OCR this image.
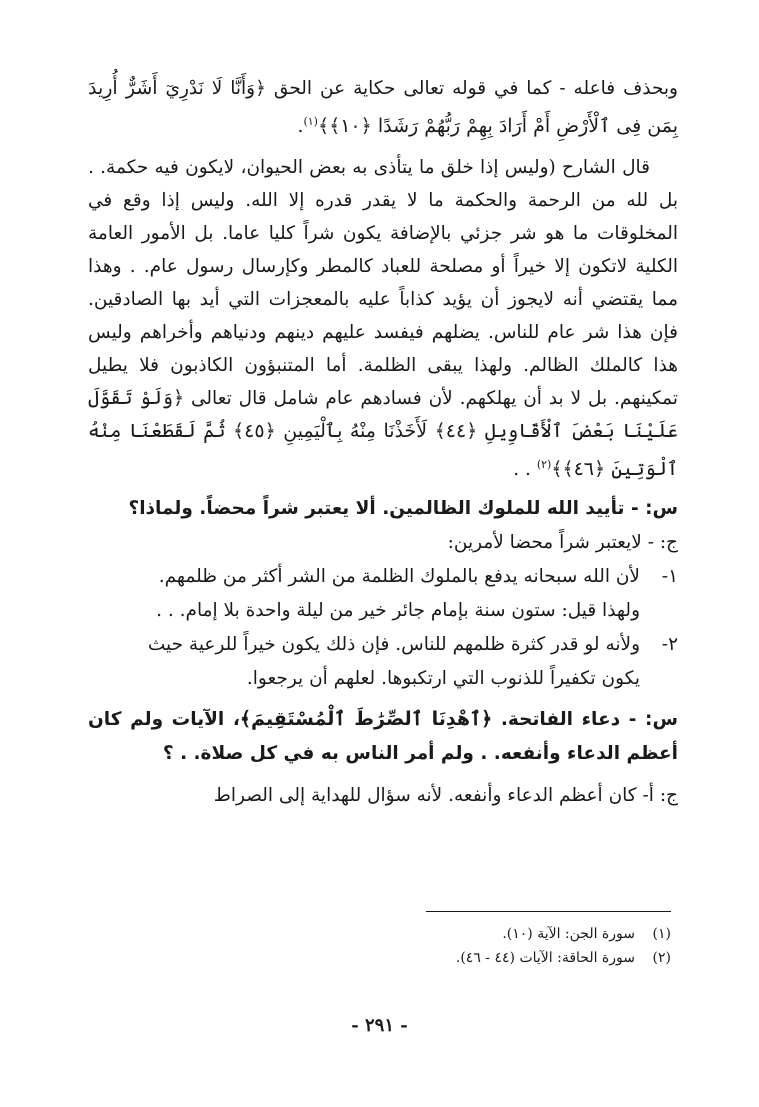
وبحذف فاعله - كما في قوله تعالى حكاية عن الحق ﴿وَأَنَّا لَا نَدْرِيٓ أَشَرٌّ أُرِيدَ بِمَن فِى ٱلْأَرْضِ أَمْ أَرَادَ بِهِمْ رَبُّهُمْ رَشَدًا ﴿١٠﴾﴾$^{(١)}$.

قال الشارح (وليس إذا خلق ما يتأذى به بعض الحيوان، لايكون فيه حكمة. . بل لله من الرحمة والحكمة ما لا يقدر قدره إلا الله. وليس إذا وقع في المخلوقات ما هو شر جزئي بالإضافة يكون شراً كليا عاما. بل الأمور العامة الكلية لاتكون إلا خيراً أو مصلحة للعباد كالمطر وكإرسال رسول عام. . وهذا مما يقتضي أنه لايجوز أن يؤيد كذاباً عليه بالمعجزات التي أيد بها الصادقين. فإن هذا شر عام للناس. يضلهم فيفسد عليهم دينهم ودنياهم وأخراهم وليس هذا كالملك الظالم. ولهذا يبقى الظلمة. أما المتنبؤون الكاذبون فلا يطيل تمكينهم. بل لا بد أن يهلكهم. لأن فسادهم عام شامل قال تعالى ﴿وَلَوْ تَقَوَّلَ عَلَيْنَا بَعْضَ ٱلْأَقَاوِيلِ ﴿٤٤﴾ لَأَخَذْنَا مِنْهُ بِٱلْيَمِينِ ﴿٤٥﴾ ثُمَّ لَقَطَعْنَا مِنْهُ ٱلْوَتِينَ ﴿٤٦﴾﴾$^{(٢)}$ . .

س: - تأييد الله للملوك الظالمين. ألا يعتبر شراً محضاً. ولماذا؟

ج: - لايعتبر شراً محضا لأمرين:

١-
لأن الله سبحانه يدفع بالملوك الظلمة من الشر أكثر من ظلمهم.
ولهذا قيل: ستون سنة بإمام جائر خير من ليلة واحدة بلا إمام. . .
٢-
ولأنه لو قدر كثرة ظلمهم للناس. فإن ذلك يكون خيراً للرعية حيث
يكون تكفيراً للذنوب التي ارتكبوها. لعلهم أن يرجعوا.

س: - دعاء الفاتحة. ﴿ٱهْدِنَا ٱلصِّرَٰطَ ٱلْمُسْتَقِيمَ﴾، الآيات ولم كان أعظم الدعاء وأنفعه. . ولم أمر الناس به في كل صلاة. . ؟

ج: أ- كان أعظم الدعاء وأنفعه. لأنه سؤال للهداية إلى الصراط

(١)
سورة الجن: الآية (١٠).
(٢)
سورة الحاقة: الآيات (٤٤ - ٤٦).
- ٢٩١ -
